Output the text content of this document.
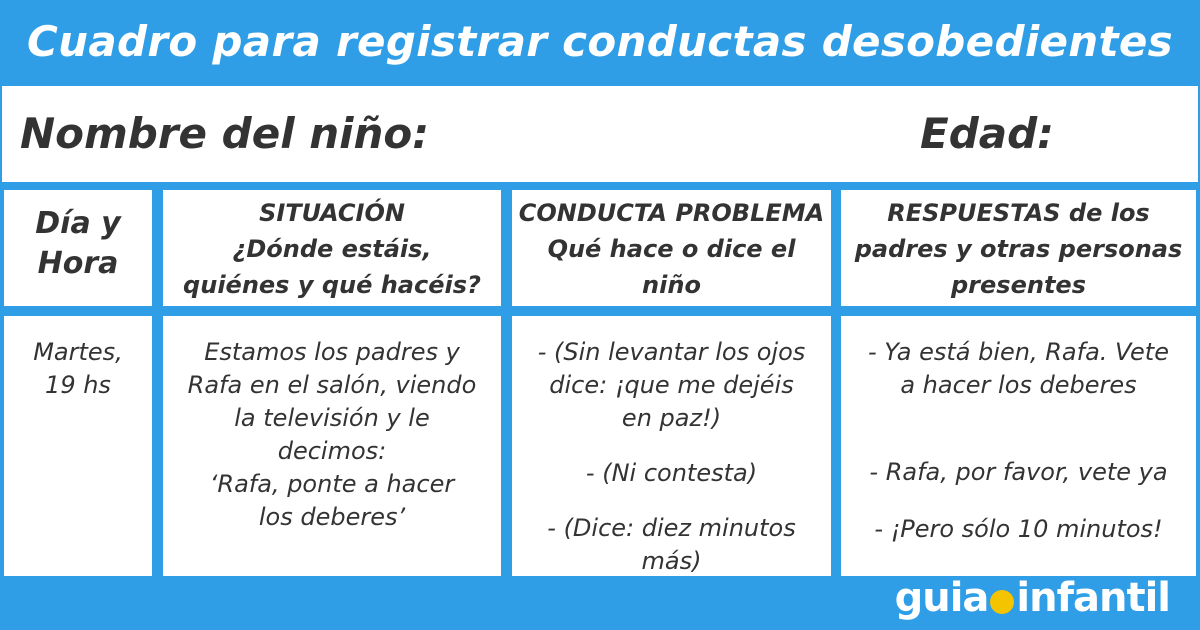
Cuadro para registrar conductas desobedientes
Nombre del niño:	Edad:
Día y
Hora
SITUACIÓN
¿Dónde estáis,
quiénes y qué hacéis?
CONDUCTA PROBLEMA
Qué hace o dice el
niño
RESPUESTAS de los
padres y otras personas
presentes
Martes,
19 hs
Estamos los padres y
Rafa en el salón, viendo
la televisión y le
decimos:
‘Rafa, ponte a hacer
los deberes’
- (Sin levantar los ojos
dice: ¡que me dejéis
en paz!)
- (Ni contesta)
- (Dice: diez minutos
más)
- Ya está bien, Rafa. Vete
a hacer los deberes
- Rafa, por favor, vete ya
- ¡Pero sólo 10 minutos!
guia infantil
